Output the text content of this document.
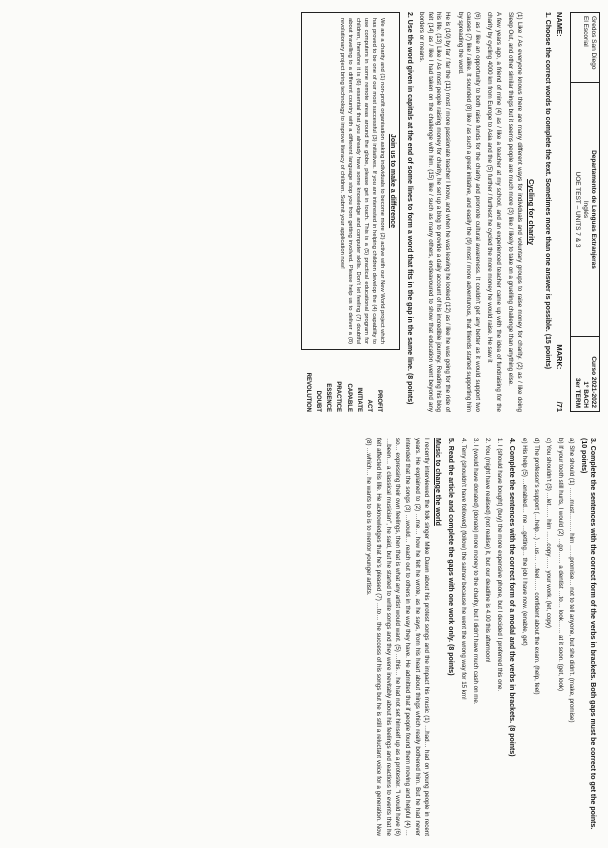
Gredos San Diego
El Escorial
Departamento de Lenguas Extranjeras
Inglés
UOE TEST – UNITS 7 & 3
Curso 2021-2022
1º BACH
3er TERM
NAME:
MARK:  /71
1. Choose the correct words to complete the text. Sometimes more than one answer is possible. (15 points)
Cycling for charity

(1) Like / As everyone knows there are many different ways for individuals and voluntary groups to raise money for charity. (2) as / like doing Sleep Out, and other similar things but it seems people are much more (3) like / likely to take on a gruelling challenge than anything else.

A few years ago, a friend of mine (4) as / like a teacher at my school, and an experienced teacher came up with the idea of fundraising for the charity by cycling 4000 km from Europe to Asia and the (5) further / furthest he cycled the more money he would raise. He saw it

(6) as / like an opportunity to both raise funds for the charity and promote cultural awareness. It couldn't get any better as it would support two causes (7) like / alike. It sounded (8) like / as such a great initiative, and easily the (9) most / more adventurous, that friends started supporting him by spreading the word.

He is (10) by far / far the (11) most / more passionate teacher I know, and when he was leaving he looked (12) as / like he was going for the ride of his life. (13) Like / As most people raising money for charity, he set up a blog to provide a daily account of his incredible journey. Reading his blog felt (14) as / like I had taken on the challenge with him. (15) like / such as many others, endeavoured to show that education went beyond any borders or means.

2. Use the word given in capitals at the end of some lines to form a word that fits in the gap in the same line. (8 points)
Join us to make a difference

We are a charity and (1) non-profit organisation asking individuals to become more (2) active with our New World project which has proved to be one of our most successful (3) initiatives. If you are interested in helping children develop the (4) capability to use computers in some remote areas around the globe, please get in touch. This is a (5) practical educational program for children, therefore it is (6) essential that you already have some knowledge and computer skills. Don't let feeling (7) doubtful about travelling to a different country with a different language stop you from getting involved. Please help us to deliver a (8) revolutionary project bring technology to improve literacy of children. Submit your application now!

PROFIT
ACT
INITIATE
CAPABLE
PRACTICE
ESSENCE
DOUBT
REVOLUTION
3. Complete the sentences with the correct form of the verbs in brackets. Both gaps must be correct to get the points. (10 points)
a) She should (1) ……must……… him ……promise… not to tell anyone, but she didn't. (make, promise)
b) If your tooth still hurts, I would (2) …go…… a dentist …to… look…… at it soon. (get, look)
c) You shouldn't (3) …let…… him ……copy…… your work. (let, copy)
d) The professor's support (…help…) …us… …feel…… confident about the exam. (help, feel)
e) His help (5) …enabled… me …getting… the job I have now. (enable, get)
4. Complete the sentences with the correct form of a modal and the verbs in brackets. (8 points)
1. I (should have bought) (buy) the more expensive phone, but I decided I preferred this one.
2. You (might have realised) (not realise) it, but our deadline is 4.00 this afternoon!
3. I (would have donated) (donate) more money to the charity, but I didn't have much cash on me.
4. Terry (shouldn't have followed) (follow) the satnav because he went the wrong way for 15 km!
5. Read the article and complete the gaps with one work only. (8 points)
Music to change the world

I recently interviewed the folk singer Mike Dawn about his protest songs and the impact his music (1) …had… had on young people in recent years. He explained to (2) …me… how he felt he wrote, as he says, from his heart about things which really bothered him. But he had never intended that the songs (3) …would… reach out to others in the way they have. He admitted that if people found them moving and helpful (4) …so… expressing their own feelings, then that is what any artist would want. (5) …this… he had not set himself up as a protester. "I would have (6) …been… a classical musician", he said, but he started to write songs and they were inevitably about his feelings and reactions to events that he felt affected his life. He acknowledges that he's pleased (7) …to… the success of his songs but he is still a reluctant voice for a generation. Now (8) …which… he wants to do is to mentor younger artists.
